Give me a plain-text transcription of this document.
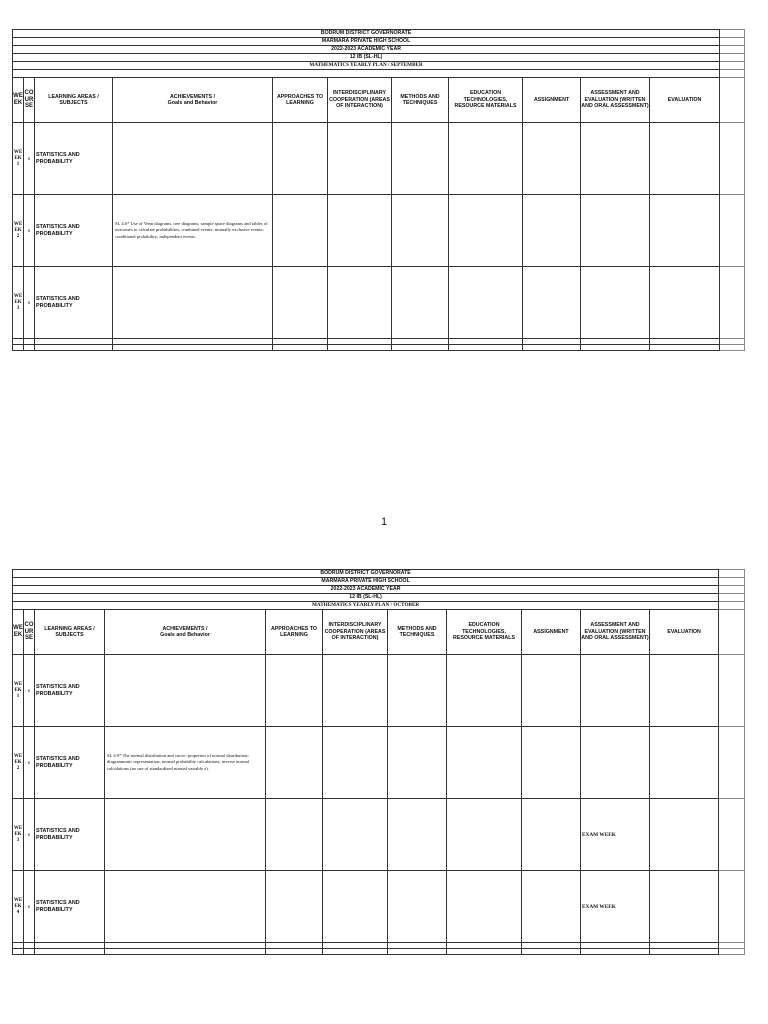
BODRUM DISTRICT GOVERNORATE											
MARMARA PRIVATE HIGH SCHOOL											
2022-2023 ACADEMIC YEAR											
12 IB (SL-HL)											
MATHEMATICS YEARLY PLAN / SEPTEMBER											

WE EK	CO UR SE	LEARNING AREAS / SUBJECTS	ACHIEVEMENTS /
Goals and Behavior	APPROACHES TO LEARNING	INTERDISCIPLINARY COOPERATION (AREAS OF INTERACTION)	METHODS AND TECHNIQUES	EDUCATION TECHNOLOGIES, RESOURCE MATERIALS	ASSIGNMENT	ASSESSMENT AND EVALUATION (WRITTEN AND ORAL ASSESSMENT)	EVALUATION	
WE EK 1	6	STATISTICS AND PROBABILITY									
WE EK 2	6	STATISTICS AND PROBABILITY	SL 4.6* Use of Venn diagrams, tree diagrams, sample space diagrams and tables of outcomes to calculate probabilities; combined events; mutually exclusive events; conditional probability; independent events.								
WE EK 3	6	STATISTICS AND PROBABILITY									

1
BODRUM DISTRICT GOVERNORATE											
MARMARA PRIVATE HIGH SCHOOL											
2022-2023 ACADEMIC YEAR											
12 IB (SL-HL)											
MATHEMATICS YEARLY PLAN / OCTOBER											
WE EK	CO UR SE	LEARNING AREAS / SUBJECTS	ACHIEVEMENTS /
Goals and Behavior	APPROACHES TO LEARNING	INTERDISCIPLINARY COOPERATION (AREAS OF INTERACTION)	METHODS AND TECHNIQUES	EDUCATION TECHNOLOGIES, RESOURCE MATERIALS	ASSIGNMENT	ASSESSMENT AND EVALUATION (WRITTEN AND ORAL ASSESSMENT)	EVALUATION	
WE EK 1	6	STATISTICS AND PROBABILITY									
WE EK 2	6	STATISTICS AND PROBABILITY	SL 4.9* The normal distribution and curve; properties of normal distribution; diagrammatic representation; normal probability calculations; inverse normal calculations (no use of standardized normal variable z).								
WE EK 3	6	STATISTICS AND PROBABILITY							EXAM WEEK		
WE EK 4	6	STATISTICS AND PROBABILITY							EXAM WEEK		
